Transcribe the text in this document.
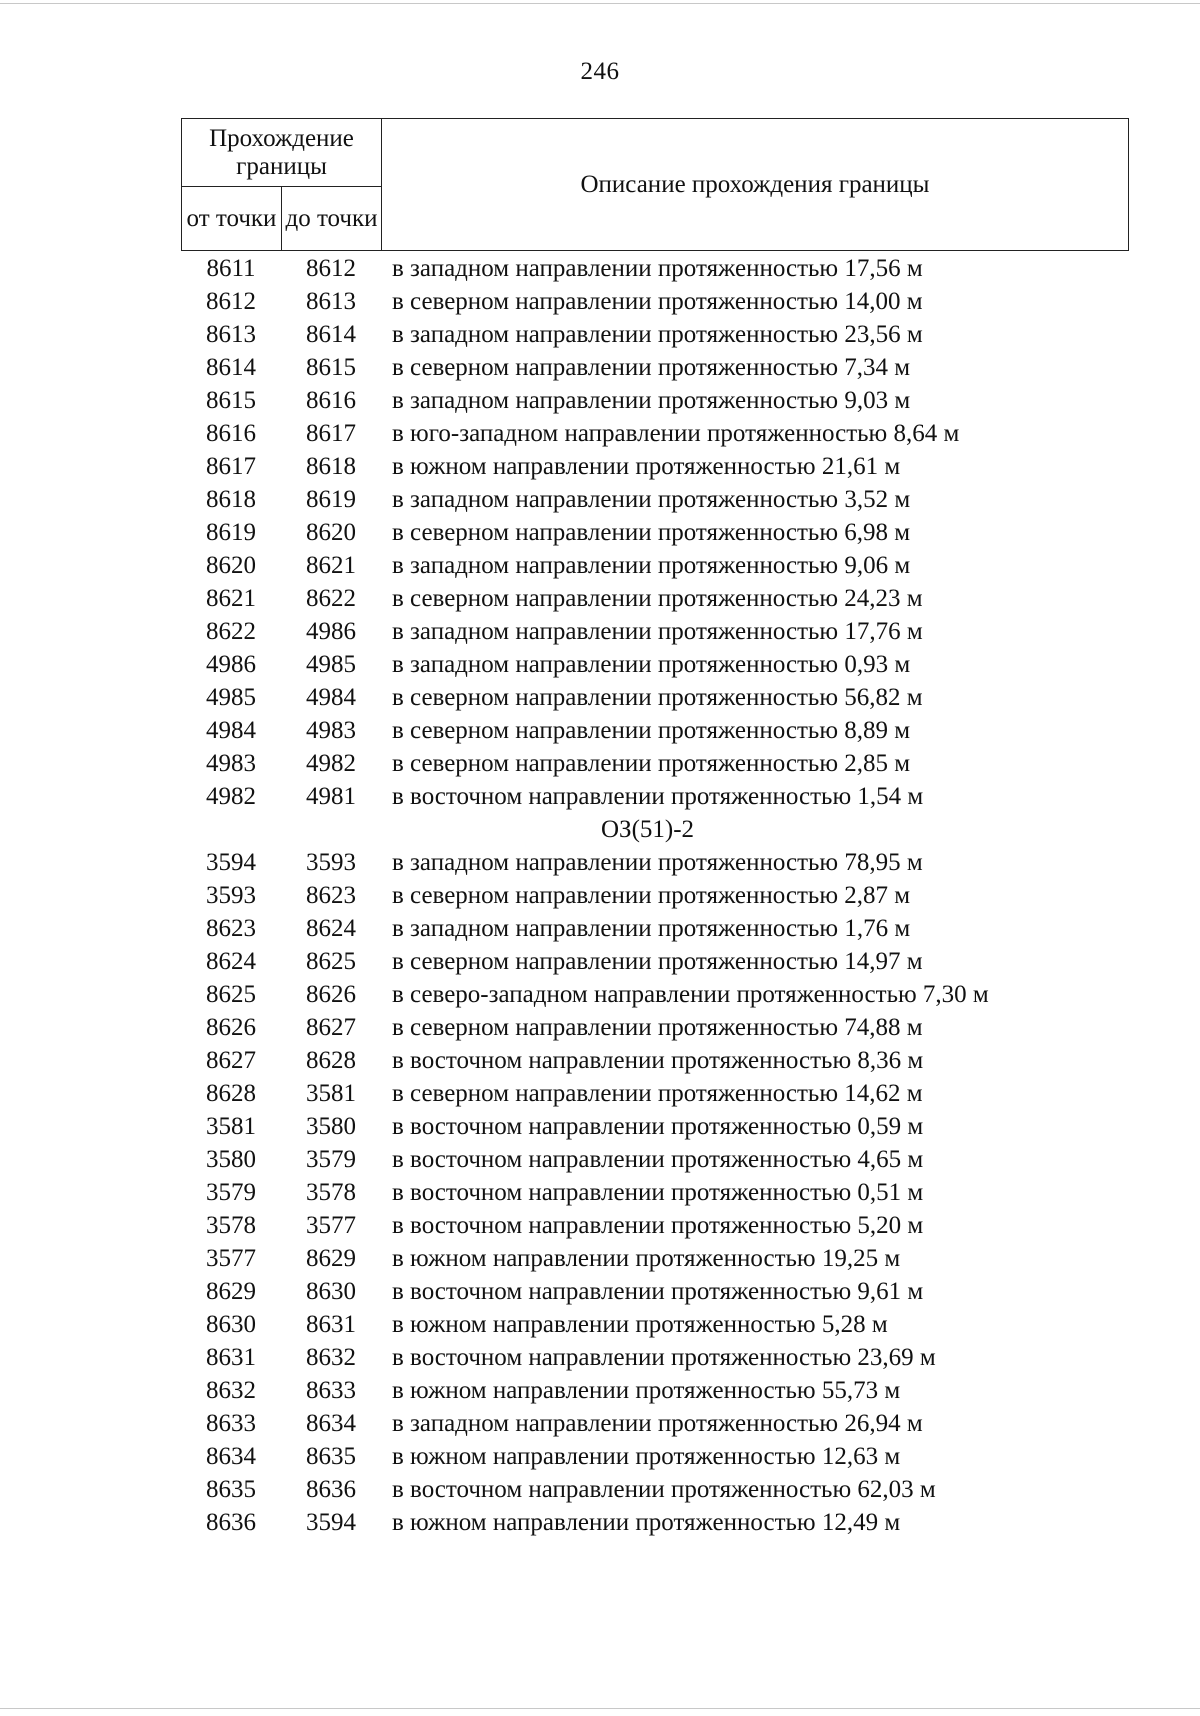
246
Прохождение границы		Описание прохождения границы
от точки	до точки	
8611	8612	в западном направлении протяженностью 17,56 м
8612	8613	в северном направлении протяженностью 14,00 м
8613	8614	в западном направлении протяженностью 23,56 м
8614	8615	в северном направлении протяженностью 7,34 м
8615	8616	в западном направлении протяженностью 9,03 м
8616	8617	в юго-западном направлении протяженностью 8,64 м
8617	8618	в южном направлении протяженностью 21,61 м
8618	8619	в западном направлении протяженностью 3,52 м
8619	8620	в северном направлении протяженностью 6,98 м
8620	8621	в западном направлении протяженностью 9,06 м
8621	8622	в северном направлении протяженностью 24,23 м
8622	4986	в западном направлении протяженностью 17,76 м
4986	4985	в западном направлении протяженностью 0,93 м
4985	4984	в северном направлении протяженностью 56,82 м
4984	4983	в северном направлении протяженностью 8,89 м
4983	4982	в северном направлении протяженностью 2,85 м
4982	4981	в восточном направлении протяженностью 1,54 м
ОЗ(51)-2
3594	3593	в западном направлении протяженностью 78,95 м
3593	8623	в северном направлении протяженностью 2,87 м
8623	8624	в западном направлении протяженностью 1,76 м
8624	8625	в северном направлении протяженностью 14,97 м
8625	8626	в северо-западном направлении протяженностью 7,30 м
8626	8627	в северном направлении протяженностью 74,88 м
8627	8628	в восточном направлении протяженностью 8,36 м
8628	3581	в северном направлении протяженностью 14,62 м
3581	3580	в восточном направлении протяженностью 0,59 м
3580	3579	в восточном направлении протяженностью 4,65 м
3579	3578	в восточном направлении протяженностью 0,51 м
3578	3577	в восточном направлении протяженностью 5,20 м
3577	8629	в южном направлении протяженностью 19,25 м
8629	8630	в восточном направлении протяженностью 9,61 м
8630	8631	в южном направлении протяженностью 5,28 м
8631	8632	в восточном направлении протяженностью 23,69 м
8632	8633	в южном направлении протяженностью 55,73 м
8633	8634	в западном направлении протяженностью 26,94 м
8634	8635	в южном направлении протяженностью 12,63 м
8635	8636	в восточном направлении протяженностью 62,03 м
8636	3594	в южном направлении протяженностью 12,49 м
